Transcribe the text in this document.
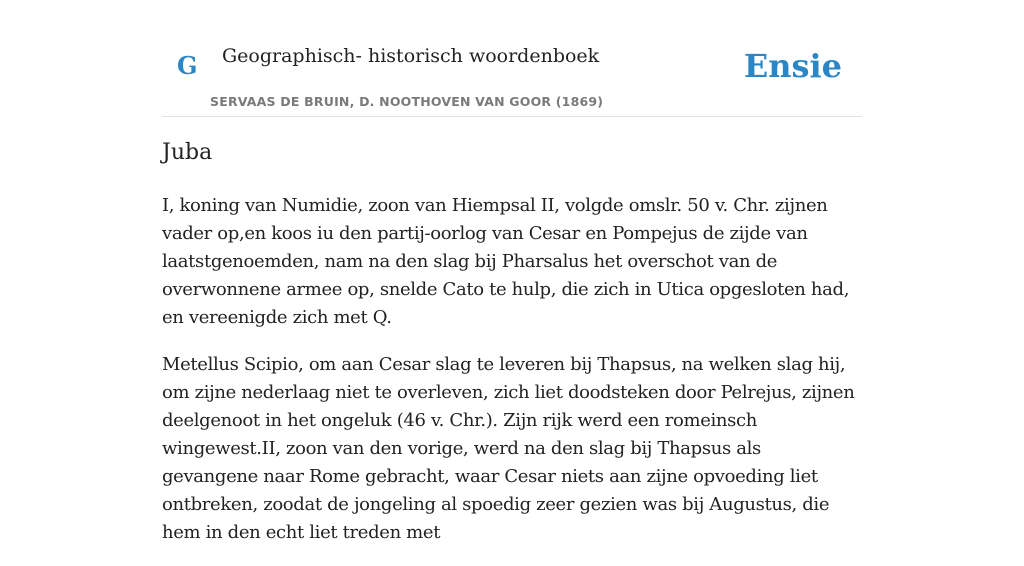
G Geographisch- historisch woordenboek
SERVAAS DE BRUIN, D. NOOTHOVEN VAN GOOR (1869)
Ensie
Juba

I, koning van Numidie, zoon van Hiempsal II, volgde omslr. 50 v. Chr. zijnen vader op,en koos iu den partij-oorlog van Cesar en Pompejus de zijde van laatstgenoemden, nam na den slag bij Pharsalus het overschot van de overwonnene armee op, snelde Cato te hulp, die zich in Utica opgesloten had, en vereenigde zich met Q.

Metellus Scipio, om aan Cesar slag te leveren bij Thapsus, na welken slag hij, om zijne nederlaag niet te overleven, zich liet doodsteken door Pelrejus, zijnen deelgenoot in het ongeluk (46 v. Chr.). Zijn rijk werd een romeinsch wingewest.II, zoon van den vorige, werd na den slag bij Thapsus als gevangene naar Rome gebracht, waar Cesar niets aan zijne opvoeding liet ontbreken, zoodat de jongeling al spoedig zeer gezien was bij Augustus, die hem in den echt liet treden met
